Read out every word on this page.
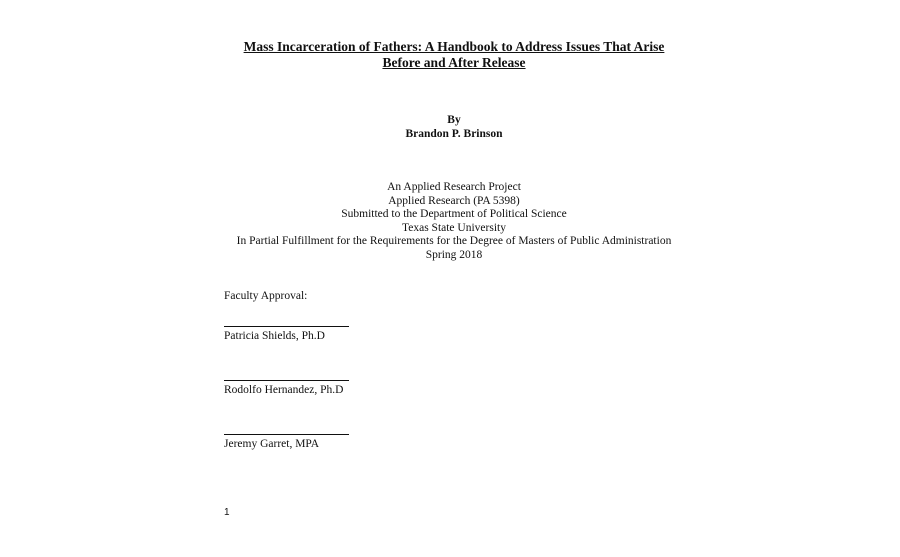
Mass Incarceration of Fathers: A Handbook to Address Issues That Arise
Before and After Release
By
Brandon P. Brinson
An Applied Research Project
Applied Research (PA 5398)
Submitted to the Department of Political Science
Texas State University
In Partial Fulfillment for the Requirements for the Degree of Masters of Public Administration
Spring 2018
Faculty Approval:
Patricia Shields, Ph.D
Rodolfo Hernandez, Ph.D
Jeremy Garret, MPA
1
